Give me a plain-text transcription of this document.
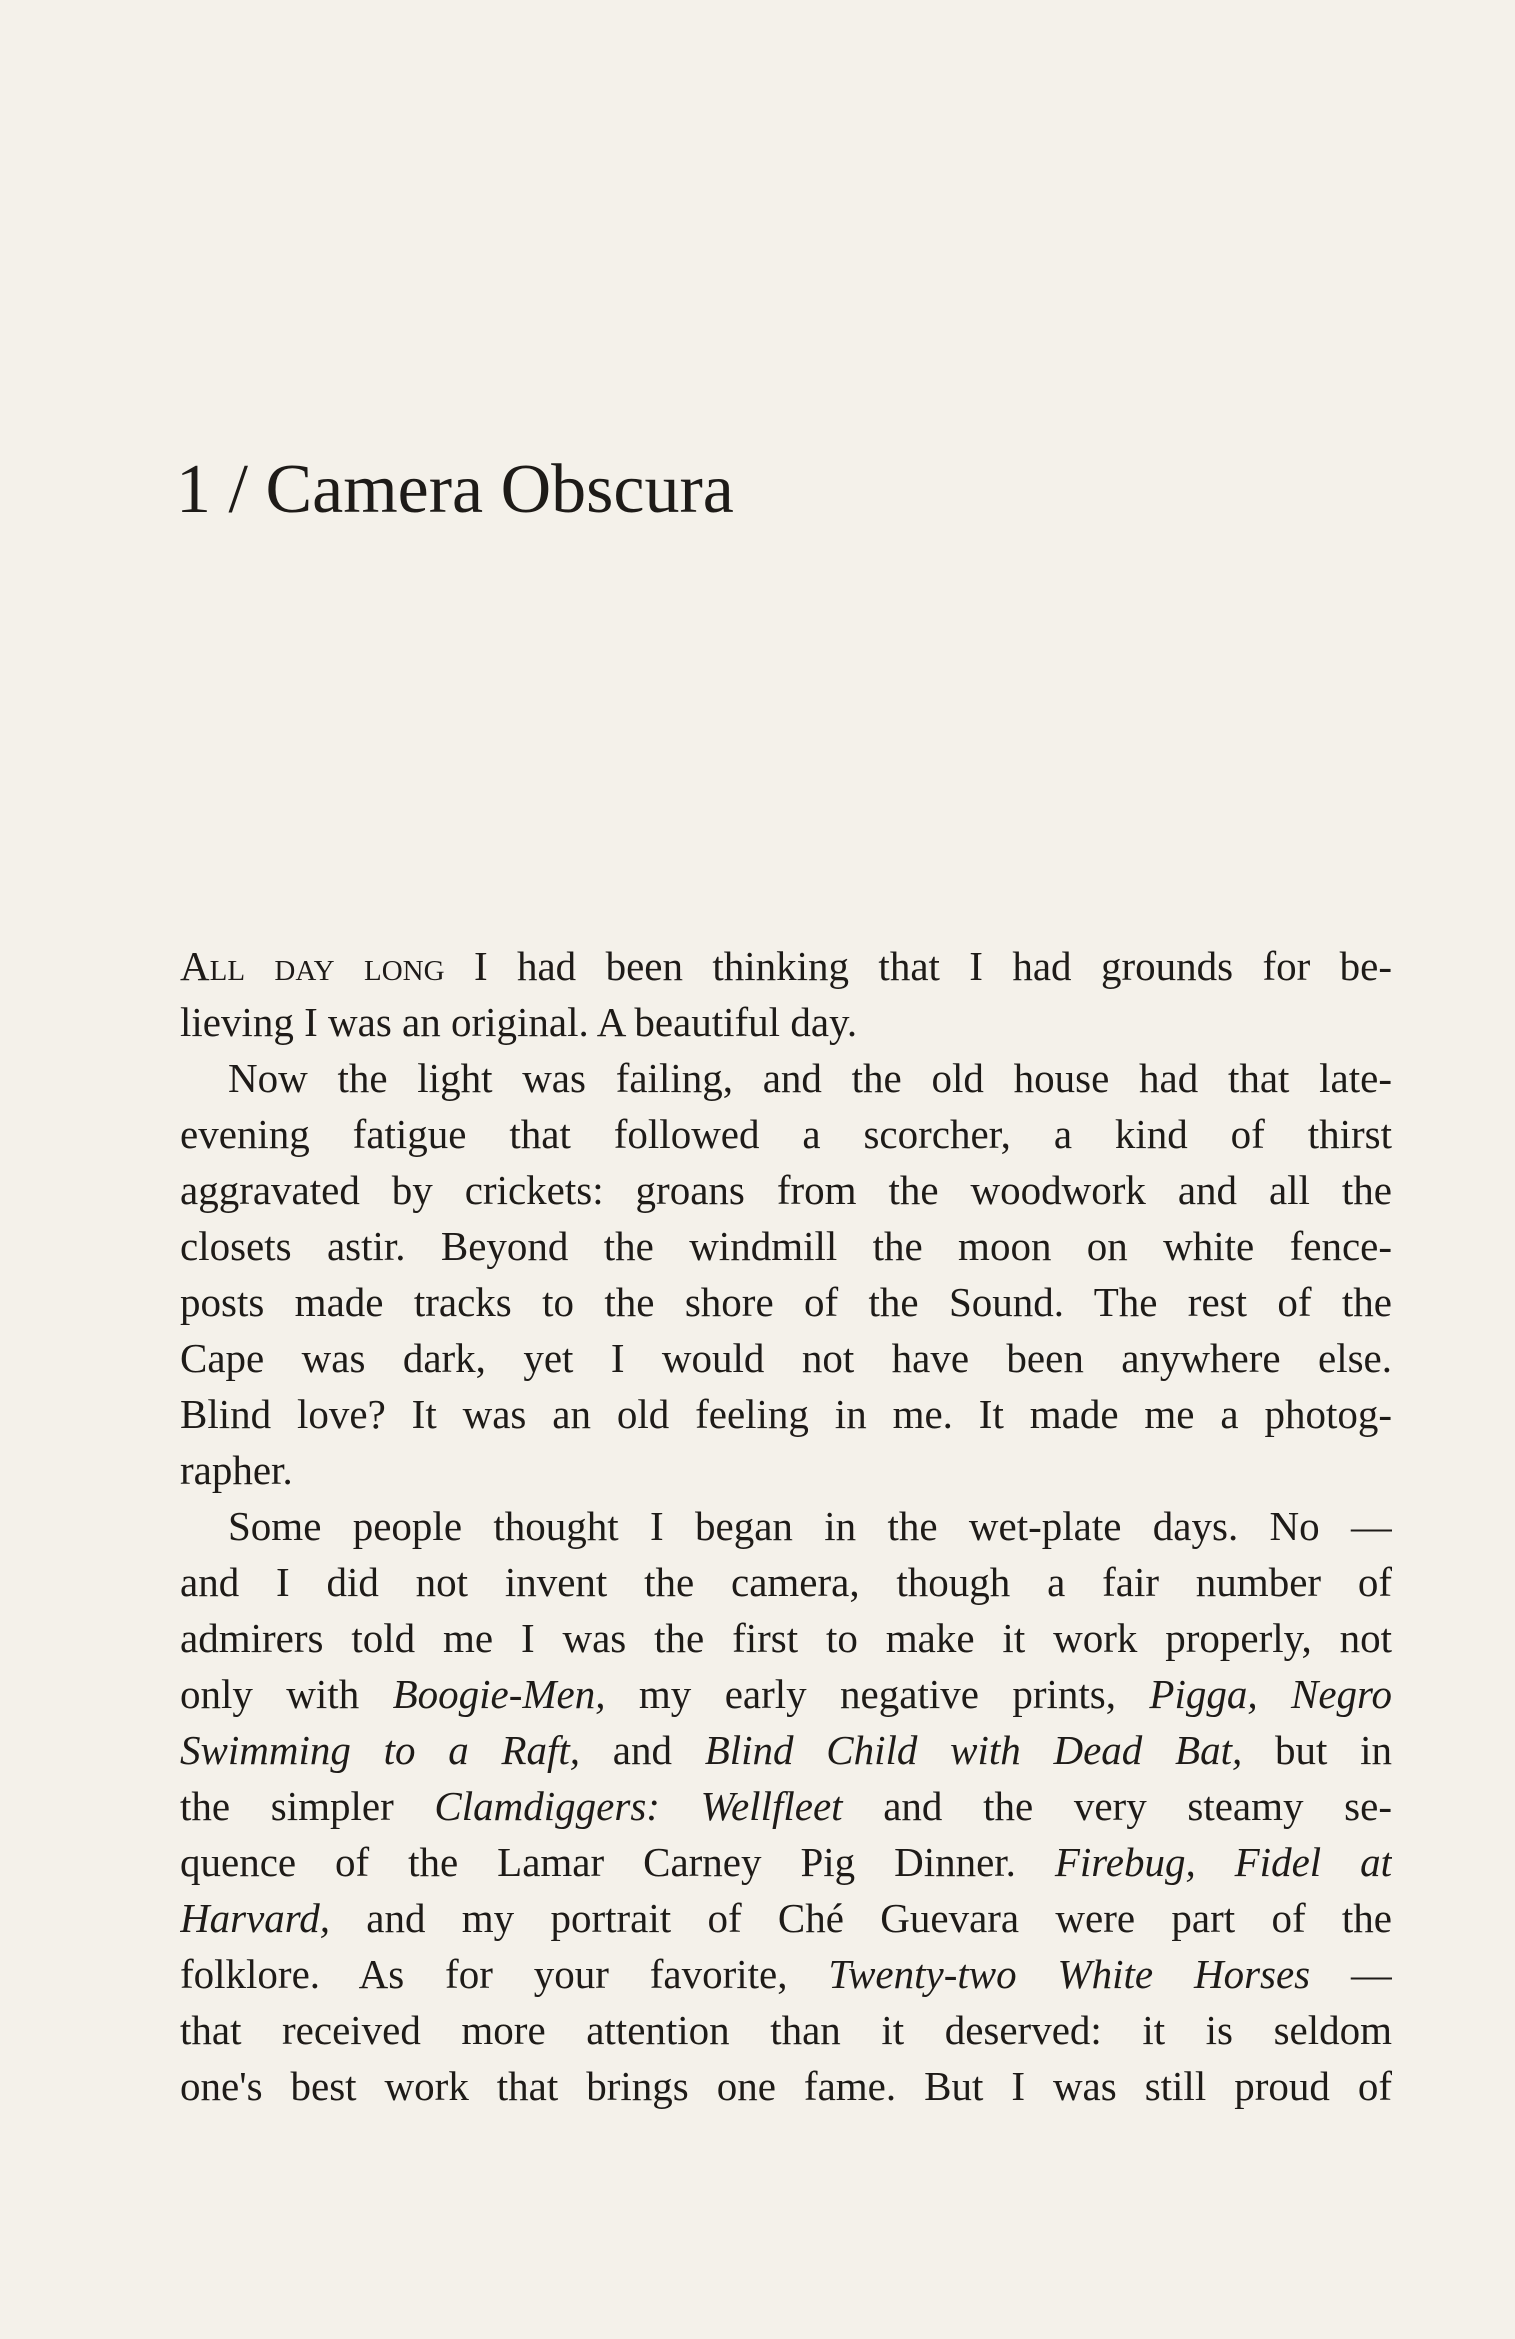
1 / Camera Obscura
All day long I had been thinking that I had grounds for be-
lieving I was an original. A beautiful day.
Now the light was failing, and the old house had that late-
evening fatigue that followed a scorcher, a kind of thirst
aggravated by crickets: groans from the woodwork and all the
closets astir. Beyond the windmill the moon on white fence-
posts made tracks to the shore of the Sound. The rest of the
Cape was dark, yet I would not have been anywhere else.
Blind love? It was an old feeling in me. It made me a photog-
rapher.
Some people thought I began in the wet-plate days. No —
and I did not invent the camera, though a fair number of
admirers told me I was the first to make it work properly, not
only with Boogie-Men, my early negative prints, Pigga, Negro
Swimming to a Raft, and Blind Child with Dead Bat, but in
the simpler Clamdiggers: Wellfleet and the very steamy se-
quence of the Lamar Carney Pig Dinner. Firebug, Fidel at
Harvard, and my portrait of Ché Guevara were part of the
folklore. As for your favorite, Twenty-two White Horses —
that received more attention than it deserved: it is seldom
one's best work that brings one fame. But I was still proud of
